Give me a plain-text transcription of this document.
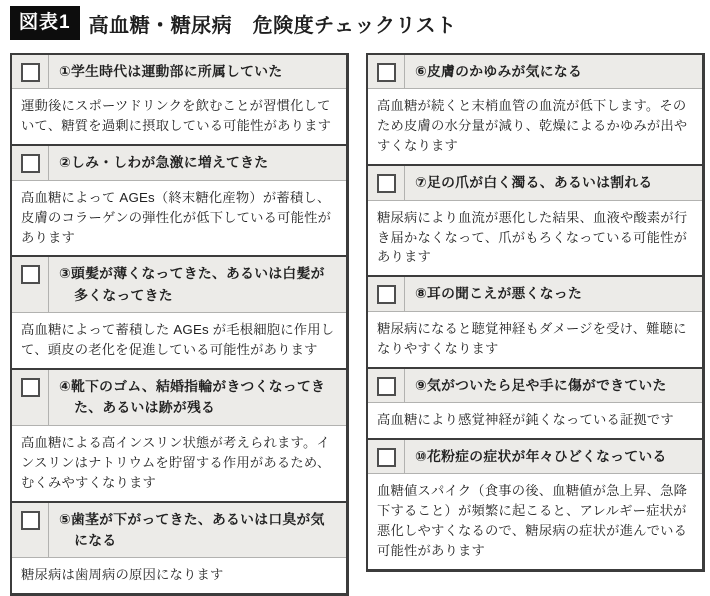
図表1 高血糖・糖尿病　危険度チェックリスト
①学生時代は運動部に所属していた
運動後にスポーツドリンクを飲むことが習慣化していて、糖質を過剰に摂取している可能性があります
②しみ・しわが急激に増えてきた
高血糖によって AGEs（終末糖化産物）が蓄積し、皮膚のコラーゲンの弾性化が低下している可能性があります
③頭髪が薄くなってきた、あるいは白髪が多くなってきた
高血糖によって蓄積した AGEs が毛根細胞に作用して、頭皮の老化を促進している可能性があります
④靴下のゴム、結婚指輪がきつくなってきた、あるいは跡が残る
高血糖による高インスリン状態が考えられます。インスリンはナトリウムを貯留する作用があるため、むくみやすくなります
⑤歯茎が下がってきた、あるいは口臭が気になる
糖尿病は歯周病の原因になります
⑥皮膚のかゆみが気になる
高血糖が続くと末梢血管の血流が低下します。そのため皮膚の水分量が減り、乾燥によるかゆみが出やすくなります
⑦足の爪が白く濁る、あるいは割れる
糖尿病により血流が悪化した結果、血液や酸素が行き届かなくなって、爪がもろくなっている可能性があります
⑧耳の聞こえが悪くなった
糖尿病になると聴覚神経もダメージを受け、難聴になりやすくなります
⑨気がついたら足や手に傷ができていた
高血糖により感覚神経が鈍くなっている証拠です
⑩花粉症の症状が年々ひどくなっている
血糖値スパイク（食事の後、血糖値が急上昇、急降下すること）が頻繁に起こると、アレルギー症状が悪化しやすくなるので、糖尿病の症状が進んでいる可能性があります
